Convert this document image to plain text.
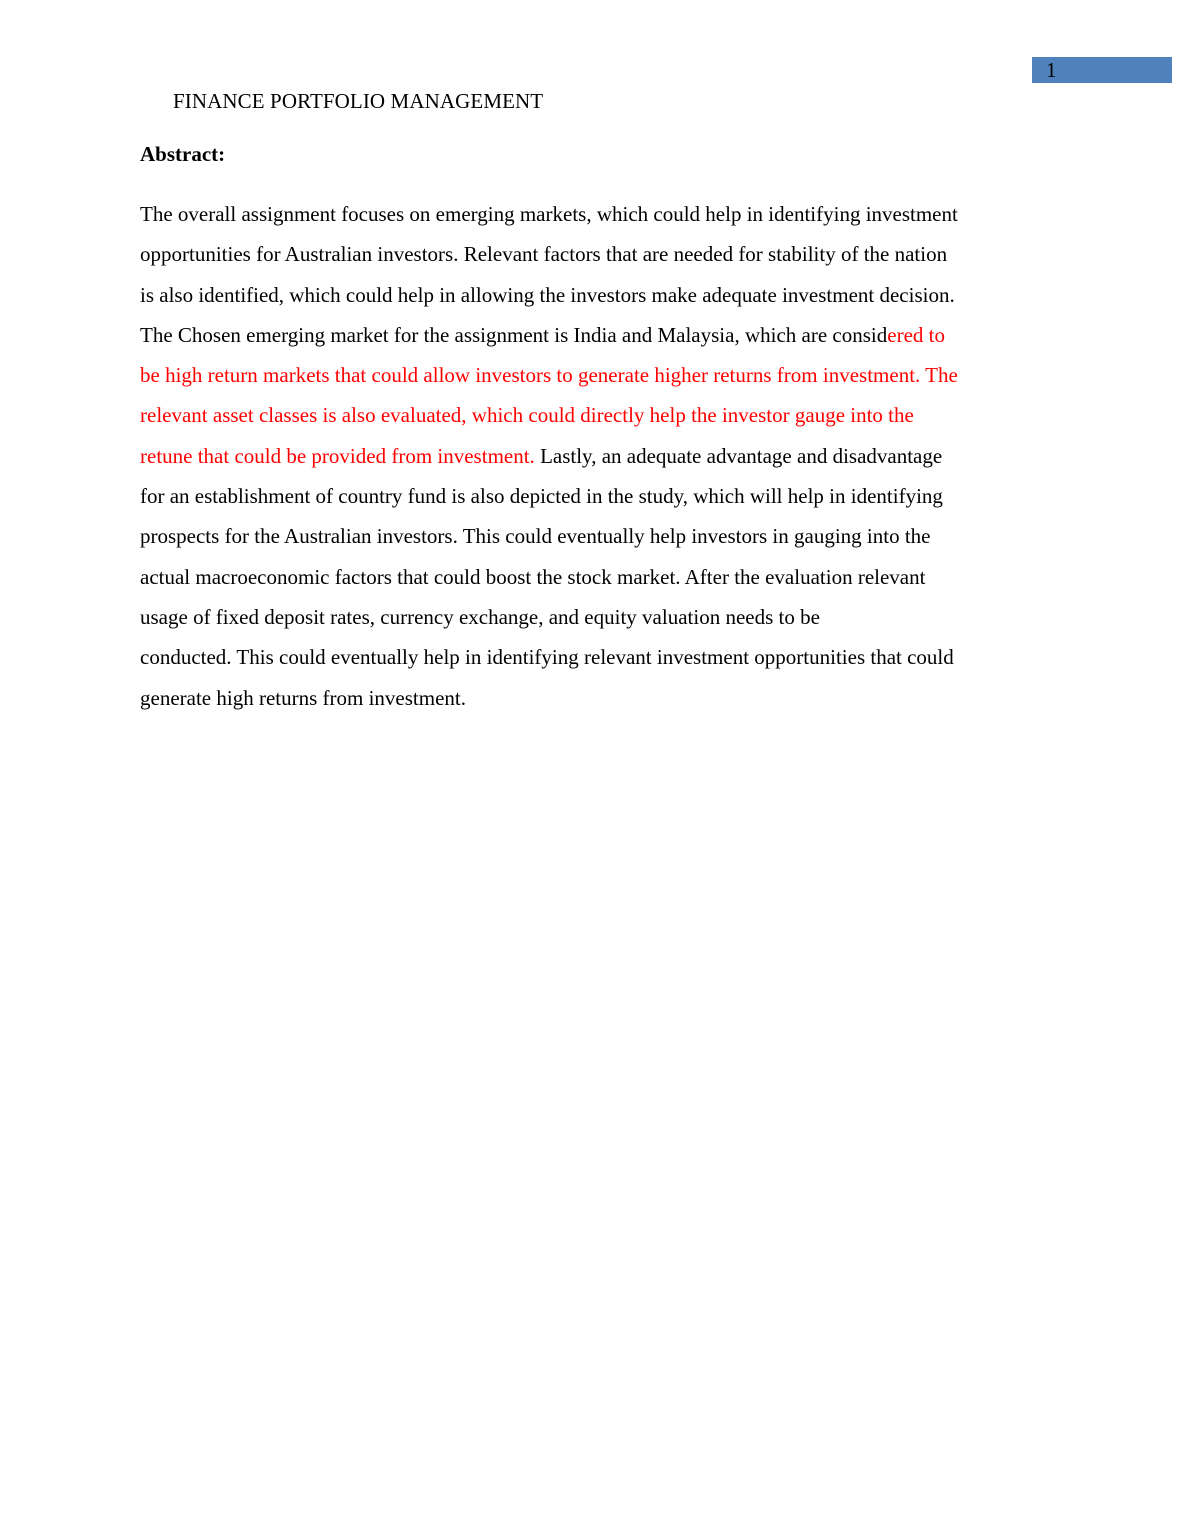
1
FINANCE PORTFOLIO MANAGEMENT
Abstract:

The overall assignment focuses on emerging markets, which could help in identifying investment
opportunities for Australian investors. Relevant factors that are needed for stability of the nation
is also identified, which could help in allowing the investors make adequate investment decision.
The Chosen emerging market for the assignment is India and Malaysia, which are considered to
be high return markets that could allow investors to generate higher returns from investment. The
relevant asset classes is also evaluated, which could directly help the investor gauge into the
retune that could be provided from investment. Lastly, an adequate advantage and disadvantage
for an establishment of country fund is also depicted in the study, which will help in identifying
prospects for the Australian investors. This could eventually help investors in gauging into the
actual macroeconomic factors that could boost the stock market. After the evaluation relevant
usage of fixed deposit rates, currency exchange, and equity valuation needs to be
conducted. This could eventually help in identifying relevant investment opportunities that could
generate high returns from investment.
